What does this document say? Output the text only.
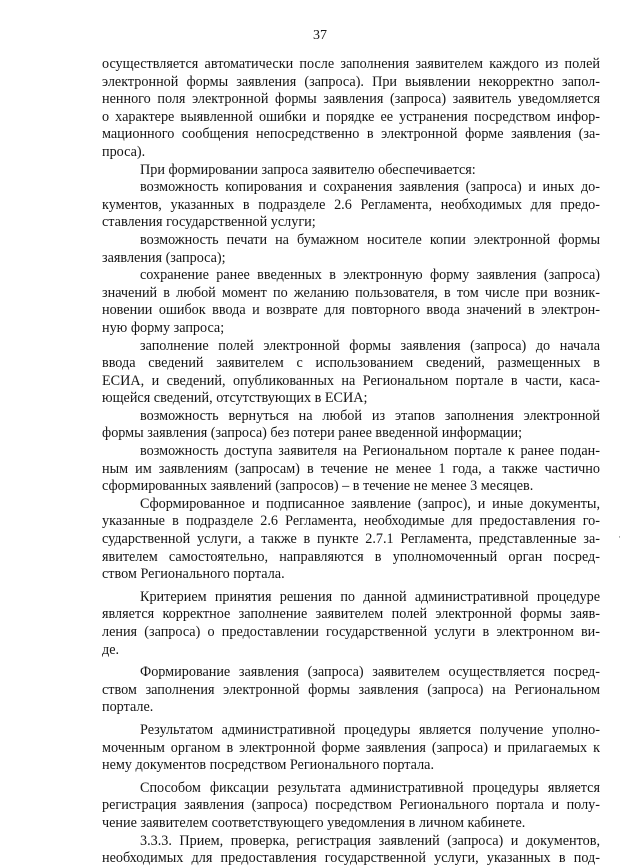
37
осуществляется автоматически после заполнения заявителем каждого из полей
электронной формы заявления (запроса). При выявлении некорректно запол-
ненного поля электронной формы заявления (запроса) заявитель уведомляется
о характере выявленной ошибки и порядке ее устранения посредством инфор-
мационного сообщения непосредственно в электронной форме заявления (за-
проса).
При формировании запроса заявителю обеспечивается:
возможность копирования и сохранения заявления (запроса) и иных до-
кументов, указанных в подразделе 2.6 Регламента, необходимых для предо-
ставления государственной услуги;
возможность печати на бумажном носителе копии электронной формы
заявления (запроса);
сохранение ранее введенных в электронную форму заявления (запроса)
значений в любой момент по желанию пользователя, в том числе при возник-
новении ошибок ввода и возврате для повторного ввода значений в электрон-
ную форму запроса;
заполнение полей электронной формы заявления (запроса) до начала
ввода сведений заявителем с использованием сведений, размещенных в
ЕСИА, и сведений, опубликованных на Региональном портале в части, каса-
ющейся сведений, отсутствующих в ЕСИА;
возможность вернуться на любой из этапов заполнения электронной
формы заявления (запроса) без потери ранее введенной информации;
возможность доступа заявителя на Региональном портале к ранее подан-
ным им заявлениям (запросам) в течение не менее 1 года, а также частично
сформированных заявлений (запросов) – в течение не менее 3 месяцев.
Сформированное и подписанное заявление (запрос), и иные документы,
указанные в подразделе 2.6 Регламента, необходимые для предоставления го-
сударственной услуги, а также в пункте 2.7.1 Регламента, представленные за-
явителем самостоятельно, направляются в уполномоченный орган посред-
ством Регионального портала.
Критерием принятия решения по данной административной процедуре
является корректное заполнение заявителем полей электронной формы заяв-
ления (запроса) о предоставлении государственной услуги в электронном ви-
де.
Формирование заявления (запроса) заявителем осуществляется посред-
ством заполнения электронной формы заявления (запроса) на Региональном
портале.
Результатом административной процедуры является получение уполно-
моченным органом в электронной форме заявления (запроса) и прилагаемых к
нему документов посредством Регионального портала.
Способом фиксации результата административной процедуры является
регистрация заявления (запроса) посредством Регионального портала и полу-
чение заявителем соответствующего уведомления в личном кабинете.
3.3.3. Прием, проверка, регистрация заявлений (запроса) и документов,
необходимых для предоставления государственной услуги, указанных в под-
·
